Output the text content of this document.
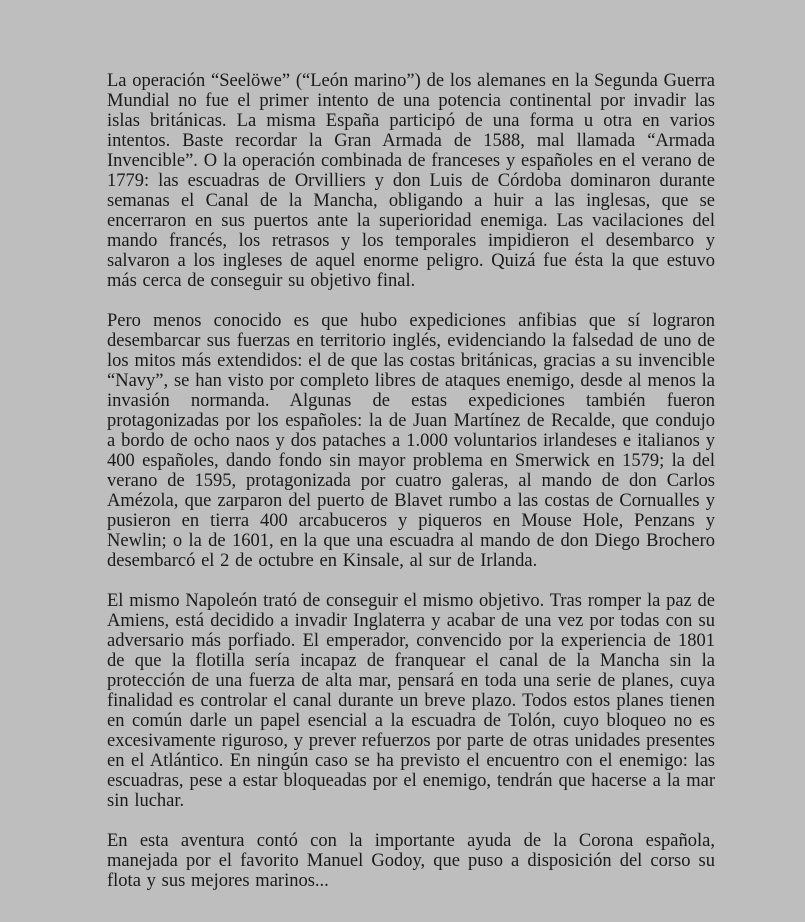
La operación “Seelöwe” (“León marino”) de los alemanes en la Segunda Guerra Mundial no fue el primer intento de una potencia continental por invadir las islas británicas. La misma España participó de una forma u otra en varios intentos. Baste recordar la Gran Armada de 1588, mal llamada “Armada Invencible”. O la operación combinada de franceses y españoles en el verano de 1779: las escuadras de Orvilliers y don Luis de Córdoba dominaron durante semanas el Canal de la Mancha, obligando a huir a las inglesas, que se encerraron en sus puertos ante la superioridad enemiga. Las vacilaciones del mando francés, los retrasos y los temporales impidieron el desembarco y salvaron a los ingleses de aquel enorme peligro. Quizá fue ésta la que estuvo más cerca de conseguir su objetivo final.

Pero menos conocido es que hubo expediciones anfibias que sí lograron desembarcar sus fuerzas en territorio inglés, evidenciando la falsedad de uno de los mitos más extendidos: el de que las costas británicas, gracias a su invencible “Navy”, se han visto por completo libres de ataques enemigo, desde al menos la invasión normanda. Algunas de estas expediciones también fueron protagonizadas por los españoles: la de Juan Martínez de Recalde, que condujo a bordo de ocho naos y dos pataches a 1.000 voluntarios irlandeses e italianos y 400 españoles, dando fondo sin mayor problema en Smerwick en 1579; la del verano de 1595, protagonizada por cuatro galeras, al mando de don Carlos Amézola, que zarparon del puerto de Blavet rumbo a las costas de Cornualles y pusieron en tierra 400 arcabuceros y piqueros en Mouse Hole, Penzans y Newlin; o la de 1601, en la que una escuadra al mando de don Diego Brochero desembarcó el 2 de octubre en Kinsale, al sur de Irlanda.

El mismo Napoleón trató de conseguir el mismo objetivo. Tras romper la paz de Amiens, está decidido a invadir Inglaterra y acabar de una vez por todas con su adversario más porfiado. El emperador, convencido por la experiencia de 1801 de que la flotilla sería incapaz de franquear el canal de la Mancha sin la protección de una fuerza de alta mar, pensará en toda una serie de planes, cuya finalidad es controlar el canal durante un breve plazo. Todos estos planes tienen en común darle un papel esencial a la escuadra de Tolón, cuyo bloqueo no es excesivamente riguroso, y prever refuerzos por parte de otras unidades presentes en el Atlántico. En ningún caso se ha previsto el encuentro con el enemigo: las escuadras, pese a estar bloqueadas por el enemigo, tendrán que hacerse a la mar sin luchar.

En esta aventura contó con la importante ayuda de la Corona española, manejada por el favorito Manuel Godoy, que puso a disposición del corso su flota y sus mejores marinos...
